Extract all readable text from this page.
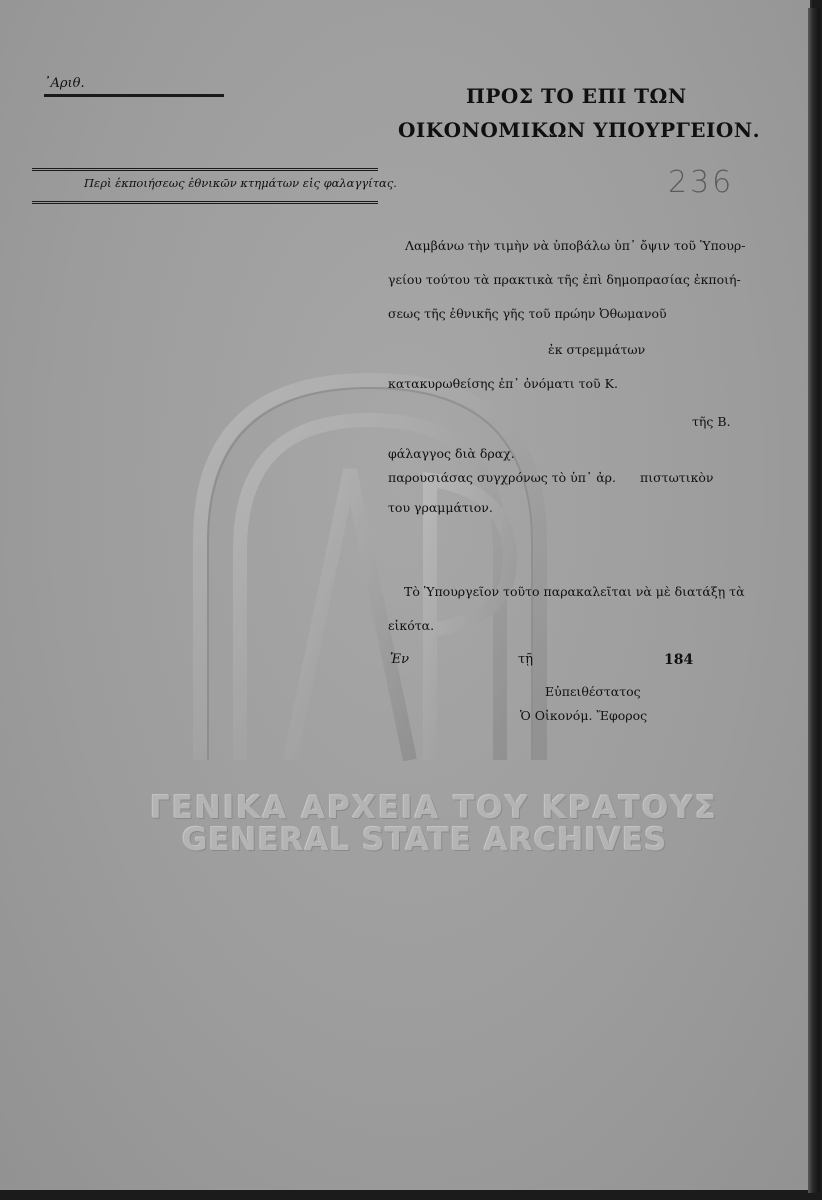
᾿Αριθ.
Περὶ ἐκποιήσεως ἐθνικῶν κτημάτων εἰς φαλαγγίτας.
ΠΡΟΣ ΤΟ ΕΠΙ ΤΩΝ
ΟΙΚΟΝΟΜΙΚΩΝ ΥΠΟΥΡΓΕΙΟΝ.
236
Λαμβάνω τὴν τιμὴν νὰ ὑποβάλω ὑπ᾿ ὄψιν τοῦ Ὑπουρ-
γείου τούτου τὰ πρακτικὰ τῆς ἐπὶ δημοπρασίας ἐκποιή-
σεως τῆς ἐθνικῆς γῆς τοῦ πρώην Ὀθωμανοῦ
ἐκ στρεμμάτων
κατακυρωθείσης ἐπ᾿ ὀνόματι τοῦ Κ.
τῆς Β.
φάλαγγος διὰ δραχ.
παρουσιάσας συγχρόνως τὸ ὑπ᾿ ἀρ. πιστωτικὸν
του γραμμάτιον.
Τὸ Ὑπουργεῖον τοῦτο παρακαλεῖται νὰ μὲ διατάξῃ τὰ
εἰκότα.
Ἐν	τῇ	184
Εὐπειθέστατος
Ὁ Οἰκονόμ. Ἔφορος
ΓΕΝΙΚΑ ΑΡΧΕΙΑ ΤΟΥ ΚΡΑΤΟΥΣ
GENERAL STATE ARCHIVES
